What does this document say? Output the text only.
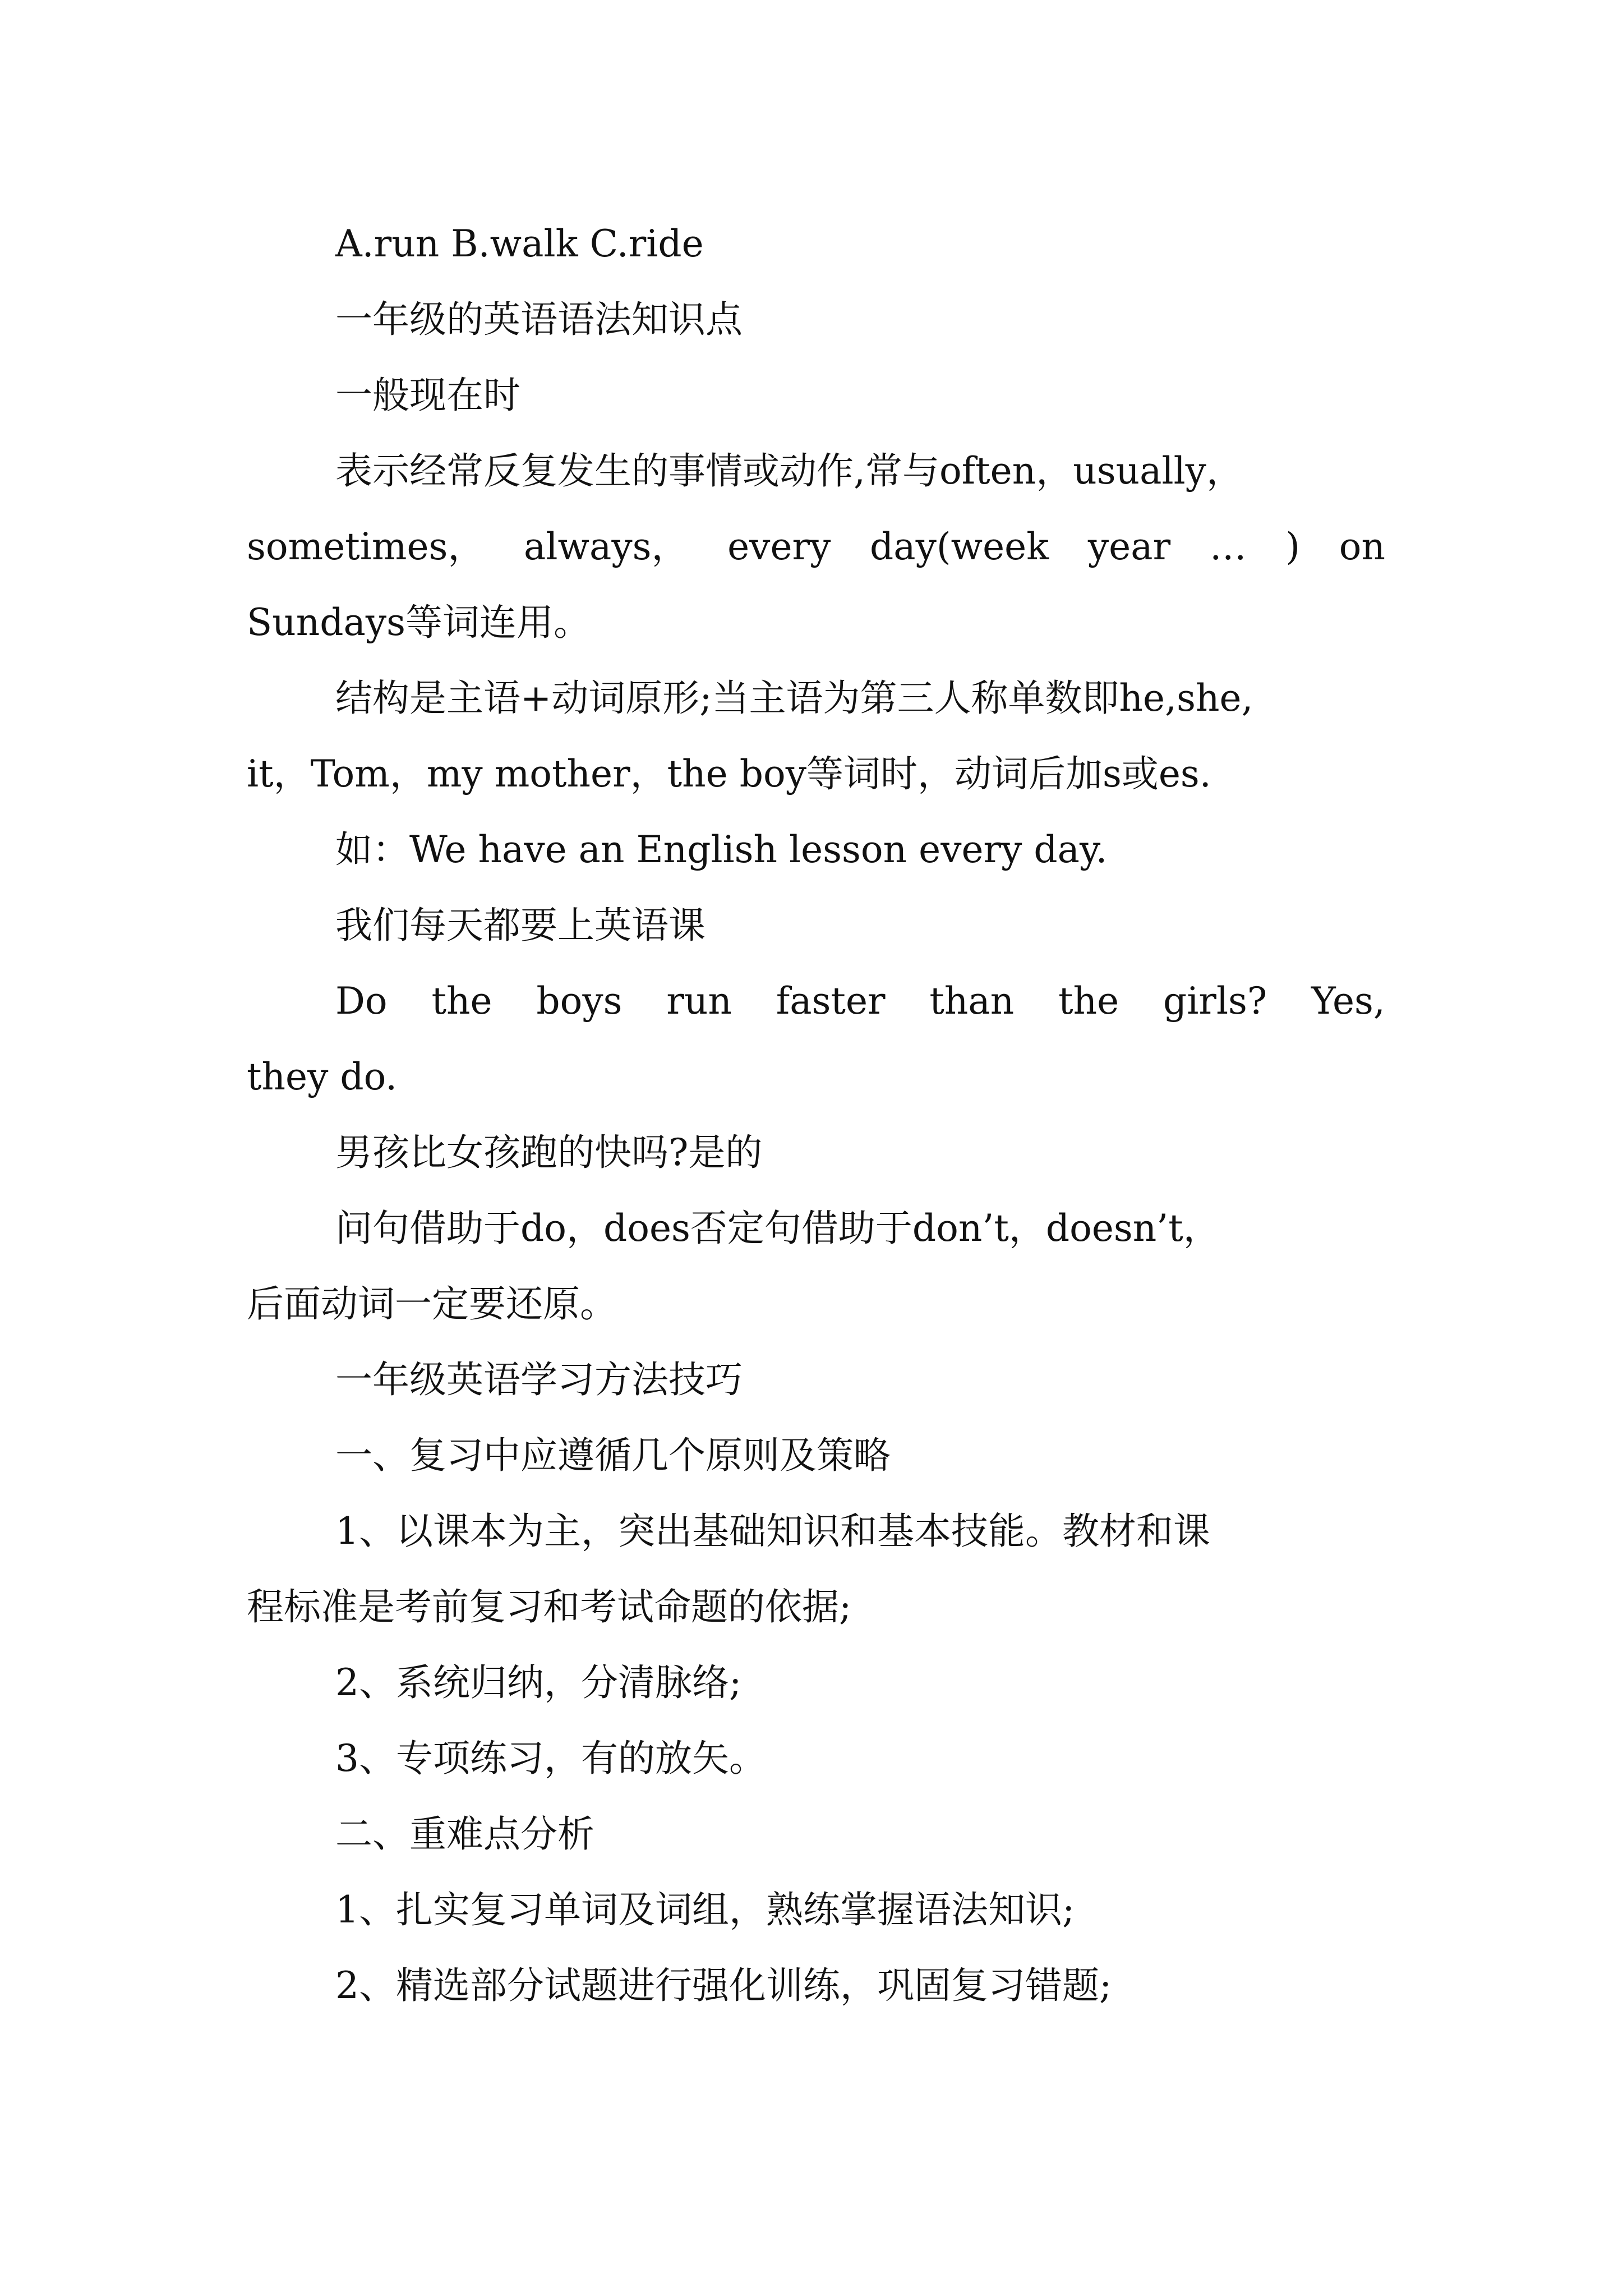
A.run B.walk C.ride
一年级的英语语法知识点
一般现在时
表示经常反复发生的事情或动作,常与often，usually，
sometimes， always， every day(week year … ) on
Sundays等词连用。
结构是主语+动词原形;当主语为第三人称单数即he,she,
it，Tom，my mother，the boy等词时，动词后加s或es.
如：We have an English lesson every day.
我们每天都要上英语课
Do the boys run faster than the girls? Yes,
they do.
男孩比女孩跑的快吗?是的
问句借助于do，does否定句借助于don’t，doesn’t，
后面动词一定要还原。
一年级英语学习方法技巧
一、复习中应遵循几个原则及策略
1、以课本为主，突出基础知识和基本技能。教材和课
程标准是考前复习和考试命题的依据;
2、系统归纳，分清脉络;
3、专项练习，有的放矢。
二、重难点分析
1、扎实复习单词及词组，熟练掌握语法知识;
2、精选部分试题进行强化训练，巩固复习错题;
